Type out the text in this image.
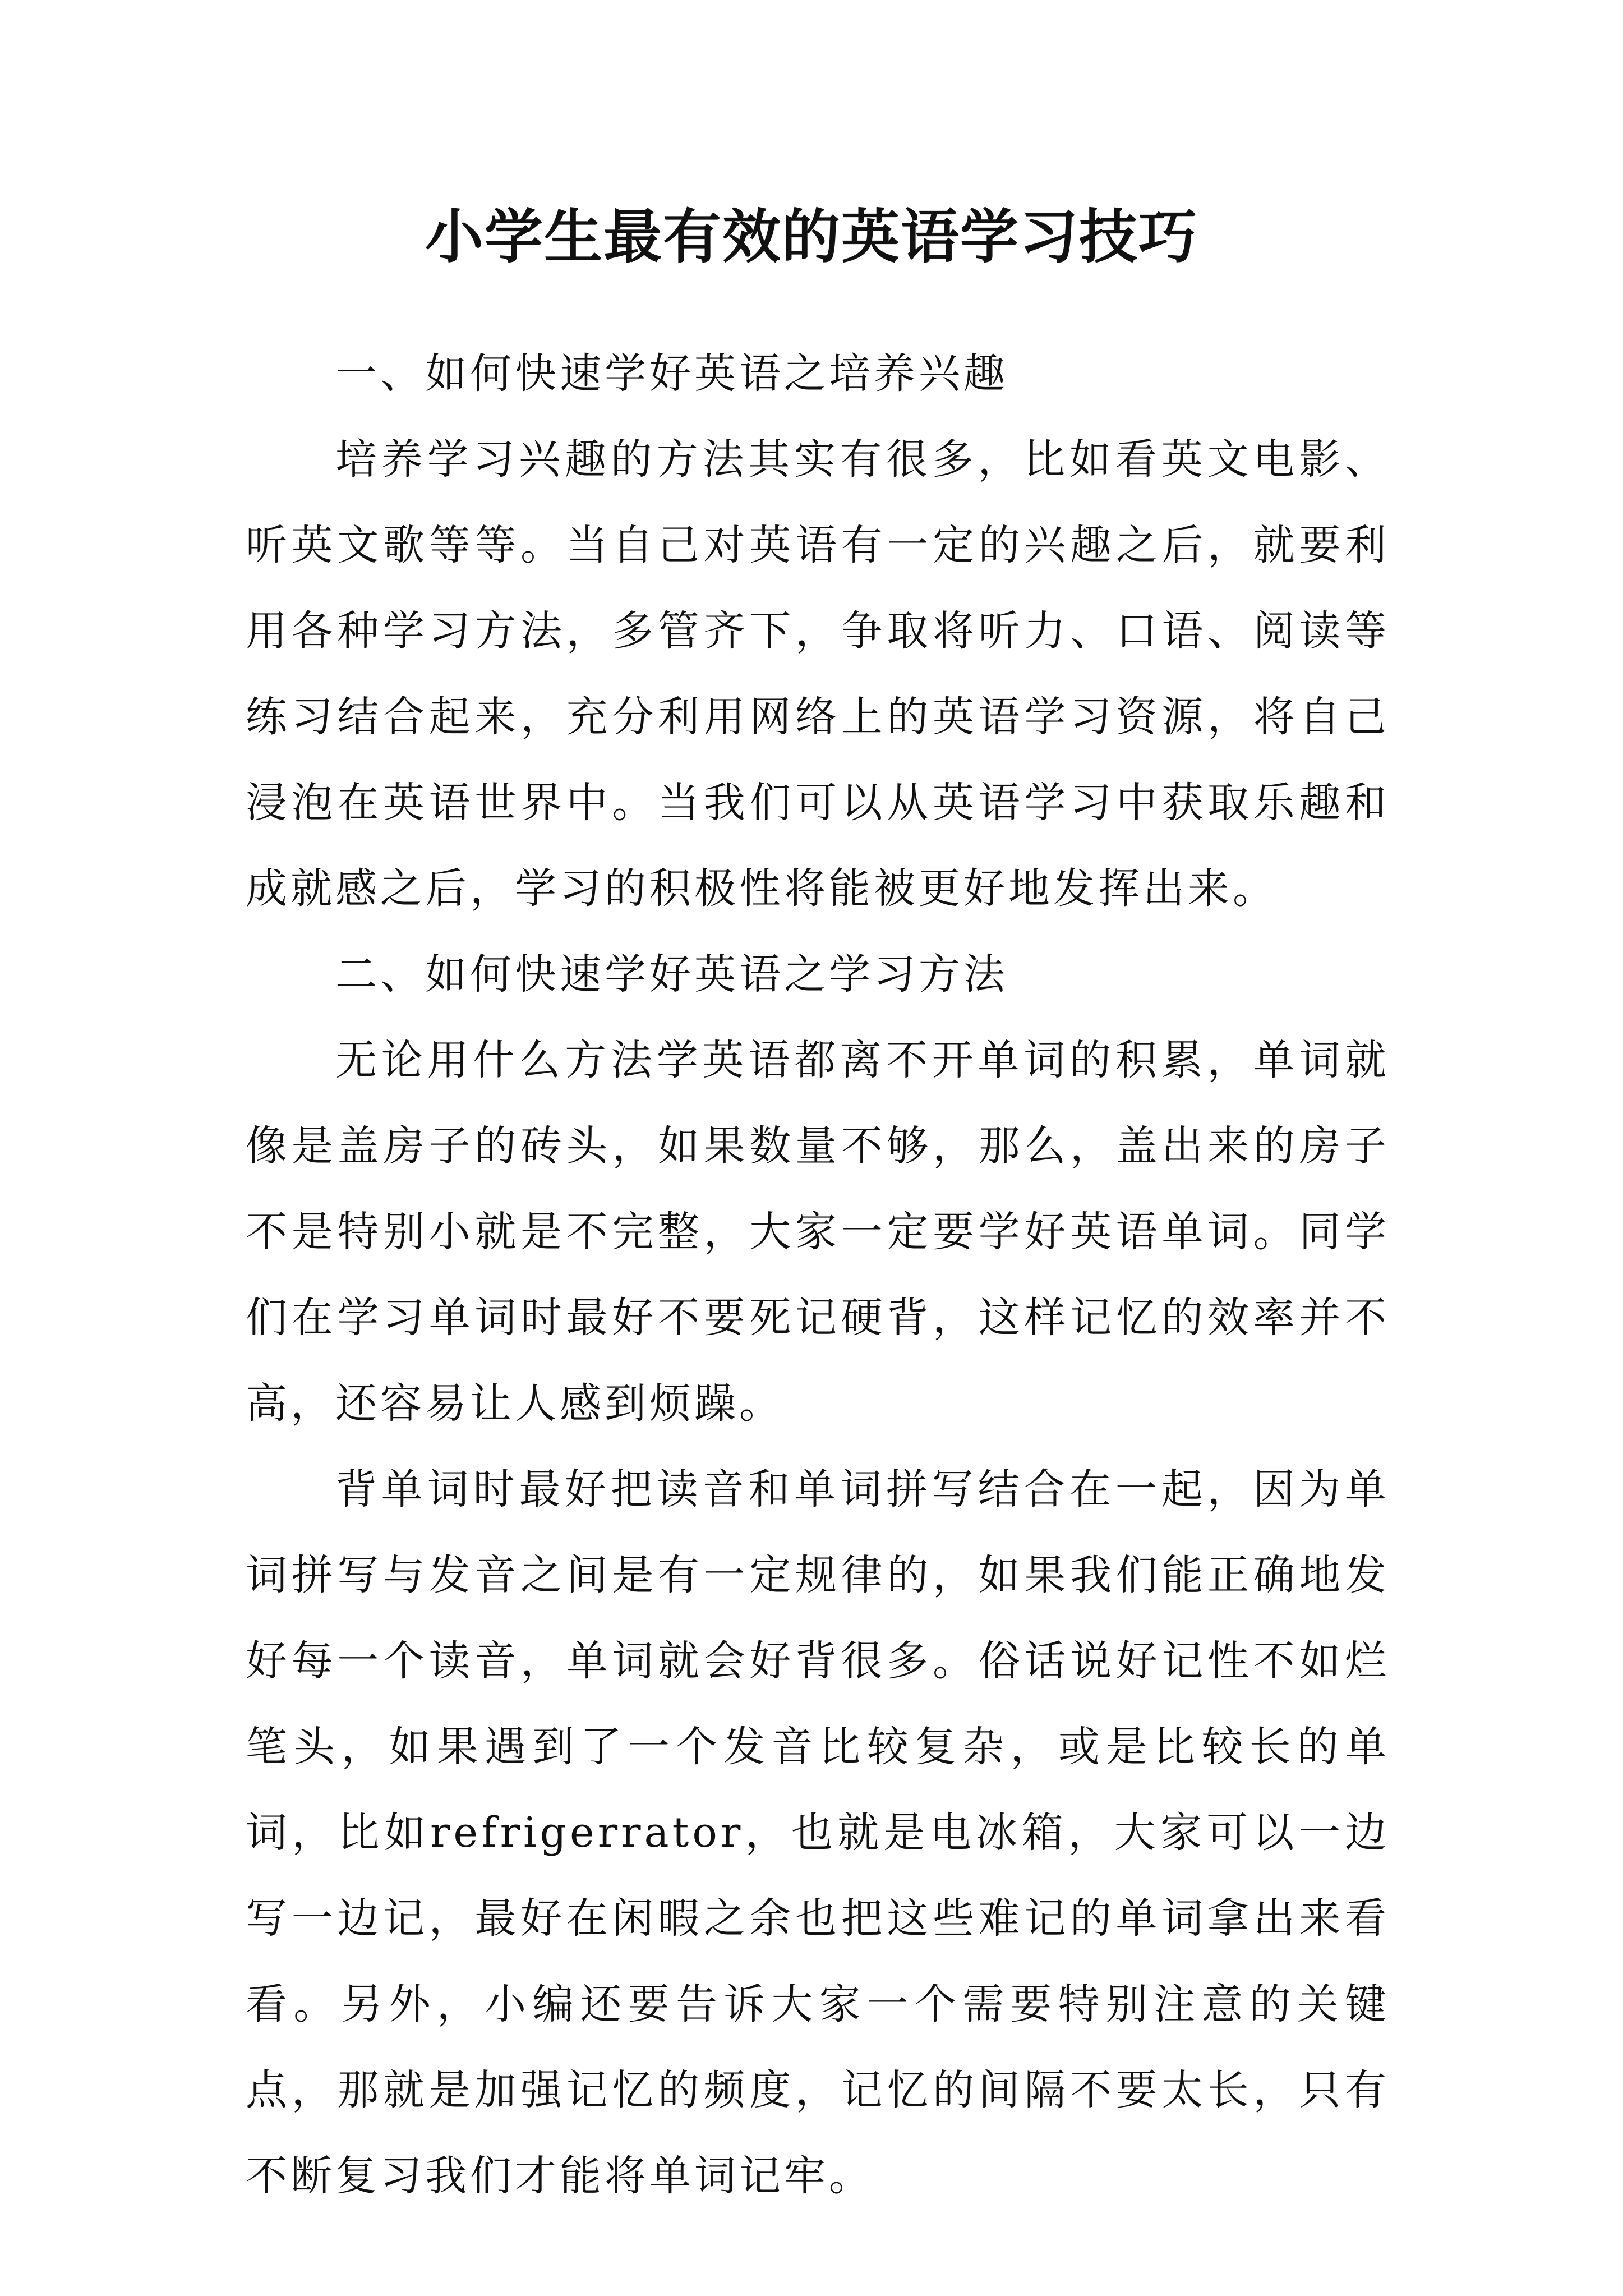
小学生最有效的英语学习技巧

一、如何快速学好英语之培养兴趣

培养学习兴趣的方法其实有很多，比如看英文电影、听英文歌等等。当自己对英语有一定的兴趣之后，就要利用各种学习方法，多管齐下，争取将听力、口语、阅读等练习结合起来，充分利用网络上的英语学习资源，将自己浸泡在英语世界中。当我们可以从英语学习中获取乐趣和成就感之后，学习的积极性将能被更好地发挥出来。

二、如何快速学好英语之学习方法

无论用什么方法学英语都离不开单词的积累，单词就像是盖房子的砖头，如果数量不够，那么，盖出来的房子不是特别小就是不完整，大家一定要学好英语单词。同学们在学习单词时最好不要死记硬背，这样记忆的效率并不高，还容易让人感到烦躁。

背单词时最好把读音和单词拼写结合在一起，因为单词拼写与发音之间是有一定规律的，如果我们能正确地发好每一个读音，单词就会好背很多。俗话说好记性不如烂笔头，如果遇到了一个发音比较复杂，或是比较长的单词，比如refrigerrator，也就是电冰箱，大家可以一边写一边记，最好在闲暇之余也把这些难记的单词拿出来看看。另外，小编还要告诉大家一个需要特别注意的关键点，那就是加强记忆的频度，记忆的间隔不要太长，只有不断复习我们才能将单词记牢。
